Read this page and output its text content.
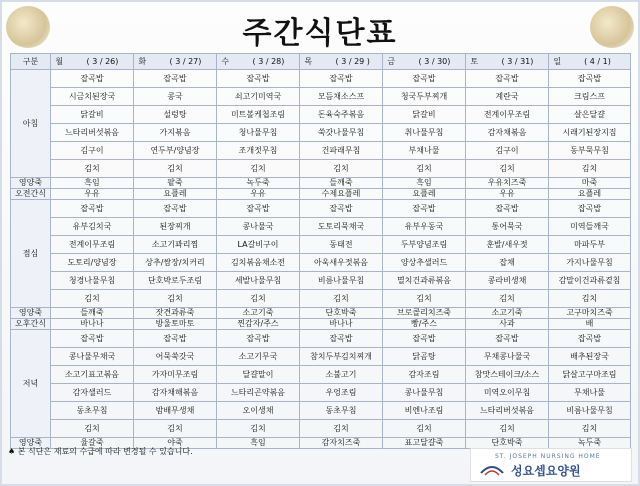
주간식단표
구분	월 ( 3 / 26)	화 ( 3 / 27)	수 ( 3 / 28)	목 ( 3 / 29 )	금 ( 3 / 30)	토 ( 3 / 31)	일 ( 4 / 1)
아침	잡곡밥	잡곡밥	잡곡밥	잡곡밥	잡곡밥	잡곡밥	잡곡밥
	시금치된장국	콩국	쇠고기미역국	모듬채소스프	청국두부찌개	계란국	크림스프
	닭갈비	설렁탕	미트볼케첩조림	돈육숙주볶음	닭갈비	전계이무조림	살은달걀
	느타리버섯볶음	가지볶음	청나물무침	쑥갓나물무침	취나물무침	감자채볶음	시래기된장지짐
	김구이	연두부/양념장	조개젓무침	건파래무침	부채나물	김구이	동부묵무침
	김치	김치	김치	김치	김치	김치	김치
영양죽	흑임	팥죽	녹두죽	들깨죽	흑임	우유치즈죽	마죽
오전간식	우유	요플레	우유	수제요플레	요플레	우유	요플레
점심	잡곡밥	잡곡밥	잡곡밥	잡곡밥	잡곡밥	잡곡밥	잡곡밥
	유부김치국	된장찌개	콩나물국	도토리묵채국	유부우동국	통어묵국	미역들깨국
	전계이무조림	소고기꽈리찜	LA갈비구이	동태전	두부양념조림	훈발/새우젓	마파두부
	도토리/양념장	상추/쌈장/치커리	김치볶음채소전	아욱새우젓볶음	양상추샐러드	잡채	가지나물무침
	청경나물무침	단호박로두조림	세발나물무침	비름나물무침	멸치건과류볶음	콩라비생채	감말이건과류곁침
	김치	김치	김치	김치	김치	김치	김치
영양죽	들깨죽	잣견과류죽	소고기죽	단호박죽	브로콜리치즈죽	소고기죽	고구마치즈죽
오후간식	바나나	방울토마토	찐감자/주스	바나나	빵/주스	사과	배
저녁	잡곡밥	잡곡밥	잡곡밥	잡곡밥	잡곡밥	잡곡밥	잡곡밥
	콩나물무채국	어묵쑥갓국	소고기무국	참치두부김치찌개	닭곰탕	무채콩나물국	배추된장국
	소고기표고볶음	가자미무조림	달걀말이	소불고기	감자조림	참맛스테이크/소스	닭살고구마조림
	감자샐러드	감자채해볶음	느타리곤약볶음	우엉조림	콩나물무침	미역오이무침	무채나물
	동초무침	밤배무생채	오이생채	동초무침	비엔나조림	느타리버섯볶음	비름나물무침
	김치	김치	김치	김치	김치	김치	김치
영양죽	율갈죽	야죽	흑임	감자치즈죽	표고달걀죽	단호박죽	녹두죽
♠ 본 식단은 재료의 수급에 따라 변경될 수 있습니다.
ST. JOSEPH NURSING HOME
성요셉요양원
